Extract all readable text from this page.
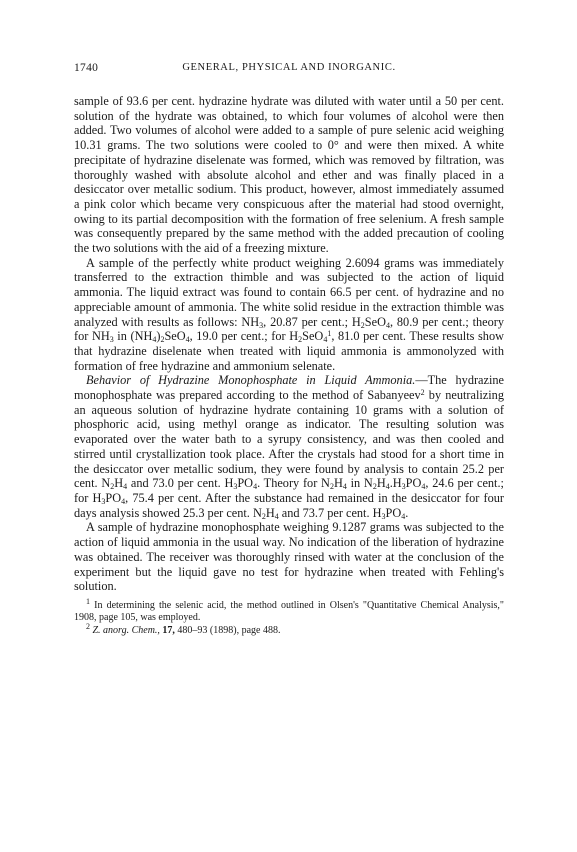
1740	GENERAL, PHYSICAL AND INORGANIC.

sample of 93.6 per cent. hydrazine hydrate was diluted with water until a 50 per cent. solution of the hydrate was obtained, to which four volumes of alcohol were then added. Two volumes of alcohol were added to a sample of pure selenic acid weighing 10.31 grams. The two solutions were cooled to 0° and were then mixed. A white precipitate of hydrazine diselenate was formed, which was removed by filtration, was thoroughly washed with absolute alcohol and ether and was finally placed in a desiccator over metallic sodium. This product, however, almost immediately assumed a pink color which became very conspicuous after the material had stood overnight, owing to its partial decomposition with the formation of free selenium. A fresh sample was consequently prepared by the same method with the added precaution of cooling the two solutions with the aid of a freezing mixture.

A sample of the perfectly white product weighing 2.6094 grams was immediately transferred to the extraction thimble and was subjected to the action of liquid ammonia. The liquid extract was found to contain 66.5 per cent. of hydrazine and no appreciable amount of ammonia. The white solid residue in the extraction thimble was analyzed with results as follows: $NH_3$, 20.87 per cent.; $H_2SeO_4$, 80.9 per cent.; theory for $NH_3$ in $(NH_4)_2SeO_4$, 19.0 per cent.; for $H_2SeO_4^1$, 81.0 per cent. These results show that hydrazine diselenate when treated with liquid ammonia is ammonolyzed with formation of free hydrazine and ammonium selenate.

Behavior of Hydrazine Monophosphate in Liquid Ammonia.—The hydrazine monophosphate was prepared according to the method of Sabanyeev$^2$ by neutralizing an aqueous solution of hydrazine hydrate containing 10 grams with a solution of phosphoric acid, using methyl orange as indicator. The resulting solution was evaporated over the water bath to a syrupy consistency, and was then cooled and stirred until crystallization took place. After the crystals had stood for a short time in the desiccator over metallic sodium, they were found by analysis to contain 25.2 per cent. $N_2H_4$ and 73.0 per cent. $H_3PO_4$. Theory for $N_2H_4$ in $N_2H_4.H_3PO_4$, 24.6 per cent.; for $H_3PO_4$, 75.4 per cent. After the substance had remained in the desiccator for four days analysis showed 25.3 per cent. $N_2H_4$ and 73.7 per cent. $H_3PO_4$.

A sample of hydrazine monophosphate weighing 9.1287 grams was subjected to the action of liquid ammonia in the usual way. No indication of the liberation of hydrazine was obtained. The receiver was thoroughly rinsed with water at the conclusion of the experiment but the liquid gave no test for hydrazine when treated with Fehling's solution.

$^1$ In determining the selenic acid, the method outlined in Olsen's "Quantitative Chemical Analysis," 1908, page 105, was employed.

$^2$ Z. anorg. Chem., 17, 480–93 (1898), page 488.
